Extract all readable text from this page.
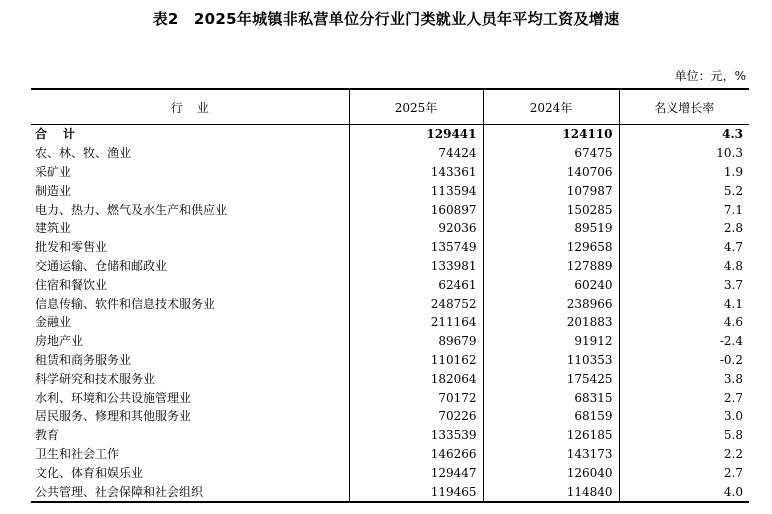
表2　2025年城镇非私营单位分行业门类就业人员年平均工资及增速
单位：元，%
行业	2025年	2024年	名义增长率
合计	129441	124110	4.3
农、林、牧、渔业	74424	67475	10.3
采矿业	143361	140706	1.9
制造业	113594	107987	5.2
电力、热力、燃气及水生产和供应业	160897	150285	7.1
建筑业	92036	89519	2.8
批发和零售业	135749	129658	4.7
交通运输、仓储和邮政业	133981	127889	4.8
住宿和餐饮业	62461	60240	3.7
信息传输、软件和信息技术服务业	248752	238966	4.1
金融业	211164	201883	4.6
房地产业	89679	91912	-2.4
租赁和商务服务业	110162	110353	-0.2
科学研究和技术服务业	182064	175425	3.8
水利、环境和公共设施管理业	70172	68315	2.7
居民服务、修理和其他服务业	70226	68159	3.0
教育	133539	126185	5.8
卫生和社会工作	146266	143173	2.2
文化、体育和娱乐业	129447	126040	2.7
公共管理、社会保障和社会组织	119465	114840	4.0
